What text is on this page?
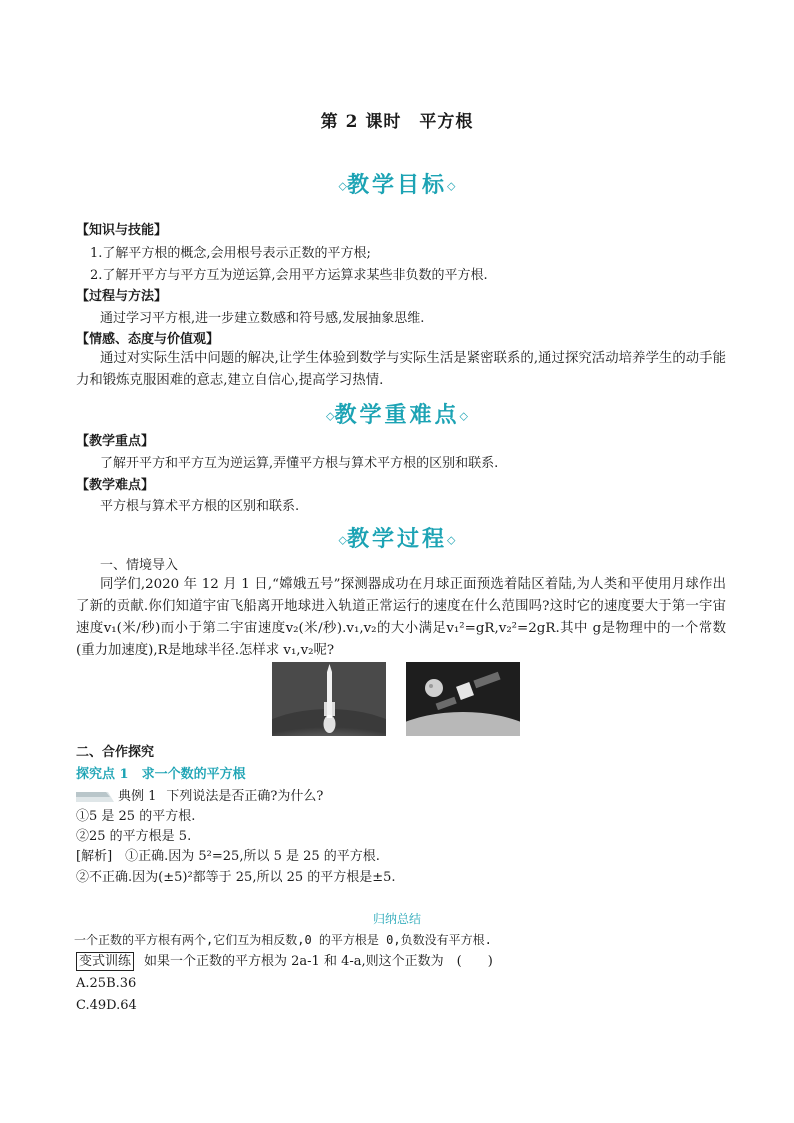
第 2 课时　平方根
◇教学目标◇
【知识与技能】
1.了解平方根的概念,会用根号表示正数的平方根;
2.了解开平方与平方互为逆运算,会用平方运算求某些非负数的平方根.
【过程与方法】
通过学习平方根,进一步建立数感和符号感,发展抽象思维.
【情感、态度与价值观】
通过对实际生活中问题的解决,让学生体验到数学与实际生活是紧密联系的,通过探究活动培养学生的动手能力和锻炼克服困难的意志,建立自信心,提高学习热情.
◇教学重难点◇
【教学重点】
了解开平方和平方互为逆运算,弄懂平方根与算术平方根的区别和联系.
【教学难点】
平方根与算术平方根的区别和联系.
◇教学过程◇
一、情境导入
同学们,2020 年 12 月 1 日,“嫦娥五号”探测器成功在月球正面预选着陆区着陆,为人类和平使用月球作出了新的贡献.你们知道宇宙飞船离开地球进入轨道正常运行的速度在什么范围吗?这时它的速度要大于第一宇宙速度v₁(米/秒)而小于第二宇宙速度v₂(米/秒).v₁,v₂的大小满足v₁²=gR,v₂²=2gR.其中 g是物理中的一个常数(重力加速度),R是地球半径.怎样求 v₁,v₂呢?
二、合作探究
探究点 1　求一个数的平方根
典例 1 下列说法是否正确?为什么?
①5 是 25 的平方根.
②25 的平方根是 5.
[解析]　①正确.因为 5²=25,所以 5 是 25 的平方根.
②不正确.因为(±5)²都等于 25,所以 25 的平方根是±5.
归纳总结
一个正数的平方根有两个,它们互为相反数,0 的平方根是 0,负数没有平方根.
变式训练 如果一个正数的平方根为 2a-1 和 4-a,则这个正数为　(　　)
A.25B.36
C.49D.64
